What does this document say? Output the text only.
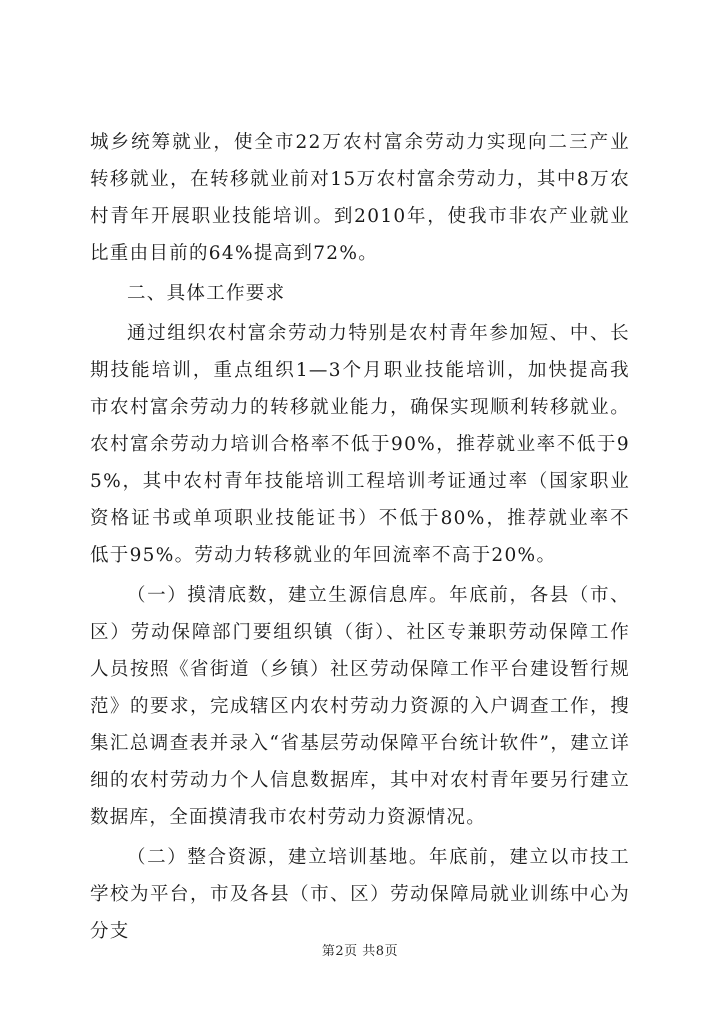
城乡统筹就业，使全市22万农村富余劳动力实现向二三产业转移就业，在转移就业前对15万农村富余劳动力，其中8万农村青年开展职业技能培训。到2010年，使我市非农产业就业比重由目前的64%提高到72%。

二、具体工作要求

通过组织农村富余劳动力特别是农村青年参加短、中、长期技能培训，重点组织1—3个月职业技能培训，加快提高我市农村富余劳动力的转移就业能力，确保实现顺利转移就业。农村富余劳动力培训合格率不低于90%，推荐就业率不低于95%，其中农村青年技能培训工程培训考证通过率（国家职业资格证书或单项职业技能证书）不低于80%，推荐就业率不低于95%。劳动力转移就业的年回流率不高于20%。

（一）摸清底数，建立生源信息库。年底前，各县（市、区）劳动保障部门要组织镇（街）、社区专兼职劳动保障工作人员按照《省街道（乡镇）社区劳动保障工作平台建设暂行规范》的要求，完成辖区内农村劳动力资源的入户调查工作，搜集汇总调查表并录入“省基层劳动保障平台统计软件”，建立详细的农村劳动力个人信息数据库，其中对农村青年要另行建立数据库，全面摸清我市农村劳动力资源情况。

（二）整合资源，建立培训基地。年底前，建立以市技工学校为平台，市及各县（市、区）劳动保障局就业训练中心为分支

第2页 共8页
